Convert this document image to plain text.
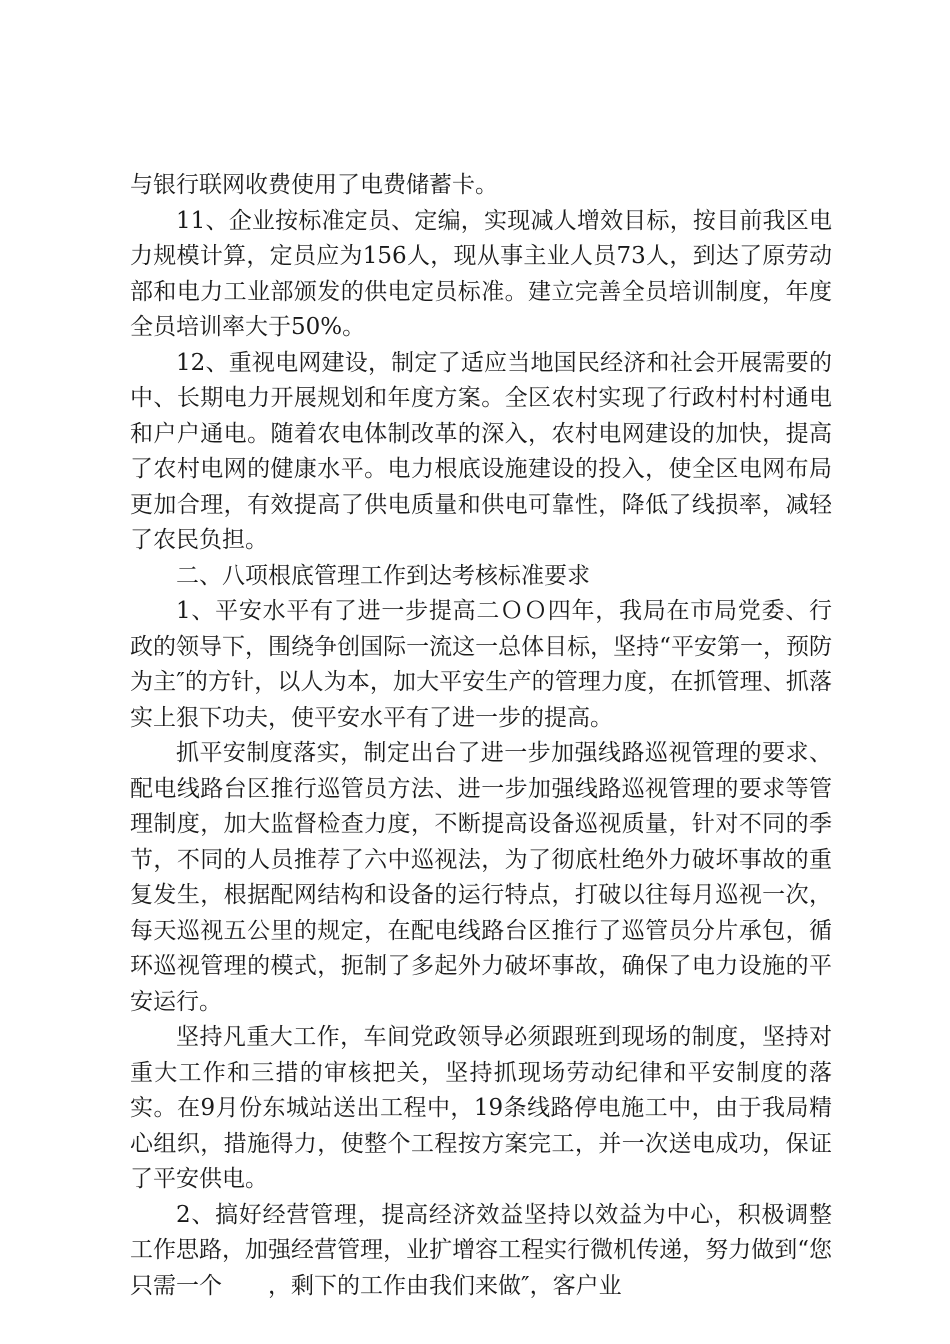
与银行联网收费使用了电费储蓄卡。

11、企业按标准定员、定编，实现减人增效目标，按目前我区电力规模计算，定员应为156人，现从事主业人员73人，到达了原劳动部和电力工业部颁发的供电定员标准。建立完善全员培训制度，年度全员培训率大于50%。

12、重视电网建设，制定了适应当地国民经济和社会开展需要的中、长期电力开展规划和年度方案。全区农村实现了行政村村村通电和户户通电。随着农电体制改革的深入，农村电网建设的加快，提高了农村电网的健康水平。电力根底设施建设的投入，使全区电网布局更加合理，有效提高了供电质量和供电可靠性，降低了线损率，减轻了农民负担。

二、八项根底管理工作到达考核标准要求

1、平安水平有了进一步提高二ＯＯ四年，我局在市局党委、行政的领导下，围绕争创国际一流这一总体目标，坚持“平安第一，预防为主″的方针，以人为本，加大平安生产的管理力度，在抓管理、抓落实上狠下功夫，使平安水平有了进一步的提高。

抓平安制度落实，制定出台了进一步加强线路巡视管理的要求、配电线路台区推行巡管员方法、进一步加强线路巡视管理的要求等管理制度，加大监督检查力度，不断提高设备巡视质量，针对不同的季节，不同的人员推荐了六中巡视法，为了彻底杜绝外力破坏事故的重复发生，根据配网结构和设备的运行特点，打破以往每月巡视一次，每天巡视五公里的规定，在配电线路台区推行了巡管员分片承包，循环巡视管理的模式，扼制了多起外力破坏事故，确保了电力设施的平安运行。

坚持凡重大工作，车间党政领导必须跟班到现场的制度，坚持对重大工作和三措的审核把关，坚持抓现场劳动纪律和平安制度的落实。在9月份东城站送出工程中，19条线路停电施工中，由于我局精心组织，措施得力，使整个工程按方案完工，并一次送电成功，保证了平安供电。

2、搞好经营管理，提高经济效益坚持以效益为中心，积极调整工作思路，加强经营管理，业扩增容工程实行微机传递，努力做到“您只需一个　　，剩下的工作由我们来做″，客户业
